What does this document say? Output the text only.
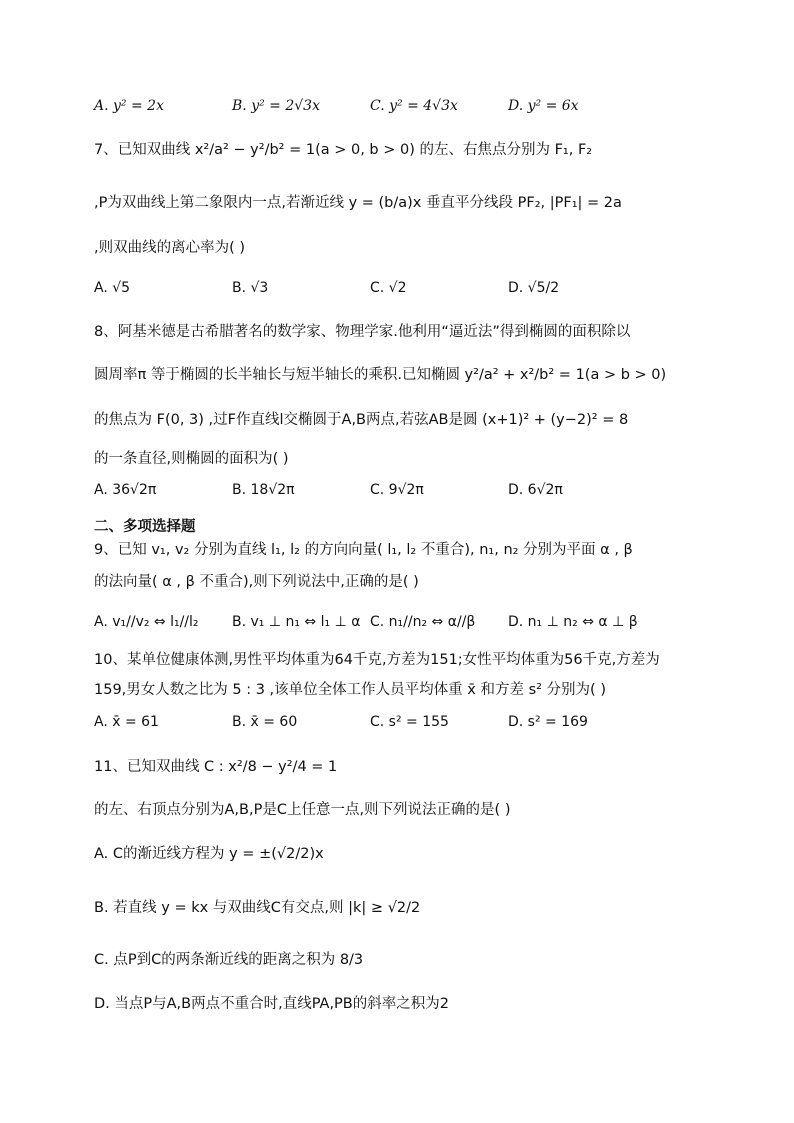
A. y² = 2x	B. y² = 2√3x	C. y² = 4√3x	D. y² = 6x
7、已知双曲线 x²/a² − y²/b² = 1(a > 0, b > 0) 的左、右焦点分别为 F₁, F₂
,P为双曲线上第二象限内一点,若渐近线 y = (b/a)x 垂直平分线段 PF₂, |PF₁| = 2a
,则双曲线的离心率为( )
A. √5	B. √3	C. √2	D. √5/2
8、阿基米德是古希腊著名的数学家、物理学家.他利用“逼近法”得到椭圆的面积除以
圆周率π 等于椭圆的长半轴长与短半轴长的乘积.已知椭圆 y²/a² + x²/b² = 1(a > b > 0)
的焦点为 F(0, 3) ,过F作直线l交椭圆于A,B两点,若弦AB是圆 (x+1)² + (y−2)² = 8
的一条直径,则椭圆的面积为( )
A. 36√2π	B. 18√2π	C. 9√2π	D. 6√2π
二、多项选择题
9、已知 v₁, v₂ 分别为直线 l₁, l₂ 的方向向量( l₁, l₂ 不重合), n₁, n₂ 分别为平面 α , β
的法向量( α , β 不重合),则下列说法中,正确的是( )
A. v₁//v₂ ⇔ l₁//l₂ B. v₁ ⊥ n₁ ⇔ l₁ ⊥ α C. n₁//n₂ ⇔ α//β D. n₁ ⊥ n₂ ⇔ α ⊥ β
10、某单位健康体测,男性平均体重为64千克,方差为151;女性平均体重为56千克,方差为
159,男女人数之比为 5 : 3 ,该单位全体工作人员平均体重 x̄ 和方差 s² 分别为( )
A. x̄ = 61	B. x̄ = 60	C. s² = 155	D. s² = 169
11、已知双曲线 C : x²/8 − y²/4 = 1
的左、右顶点分别为A,B,P是C上任意一点,则下列说法正确的是( )
A. C的渐近线方程为 y = ±(√2/2)x
B. 若直线 y = kx 与双曲线C有交点,则 |k| ≥ √2/2
C. 点P到C的两条渐近线的距离之积为 8/3
D. 当点P与A,B两点不重合时,直线PA,PB的斜率之积为2
